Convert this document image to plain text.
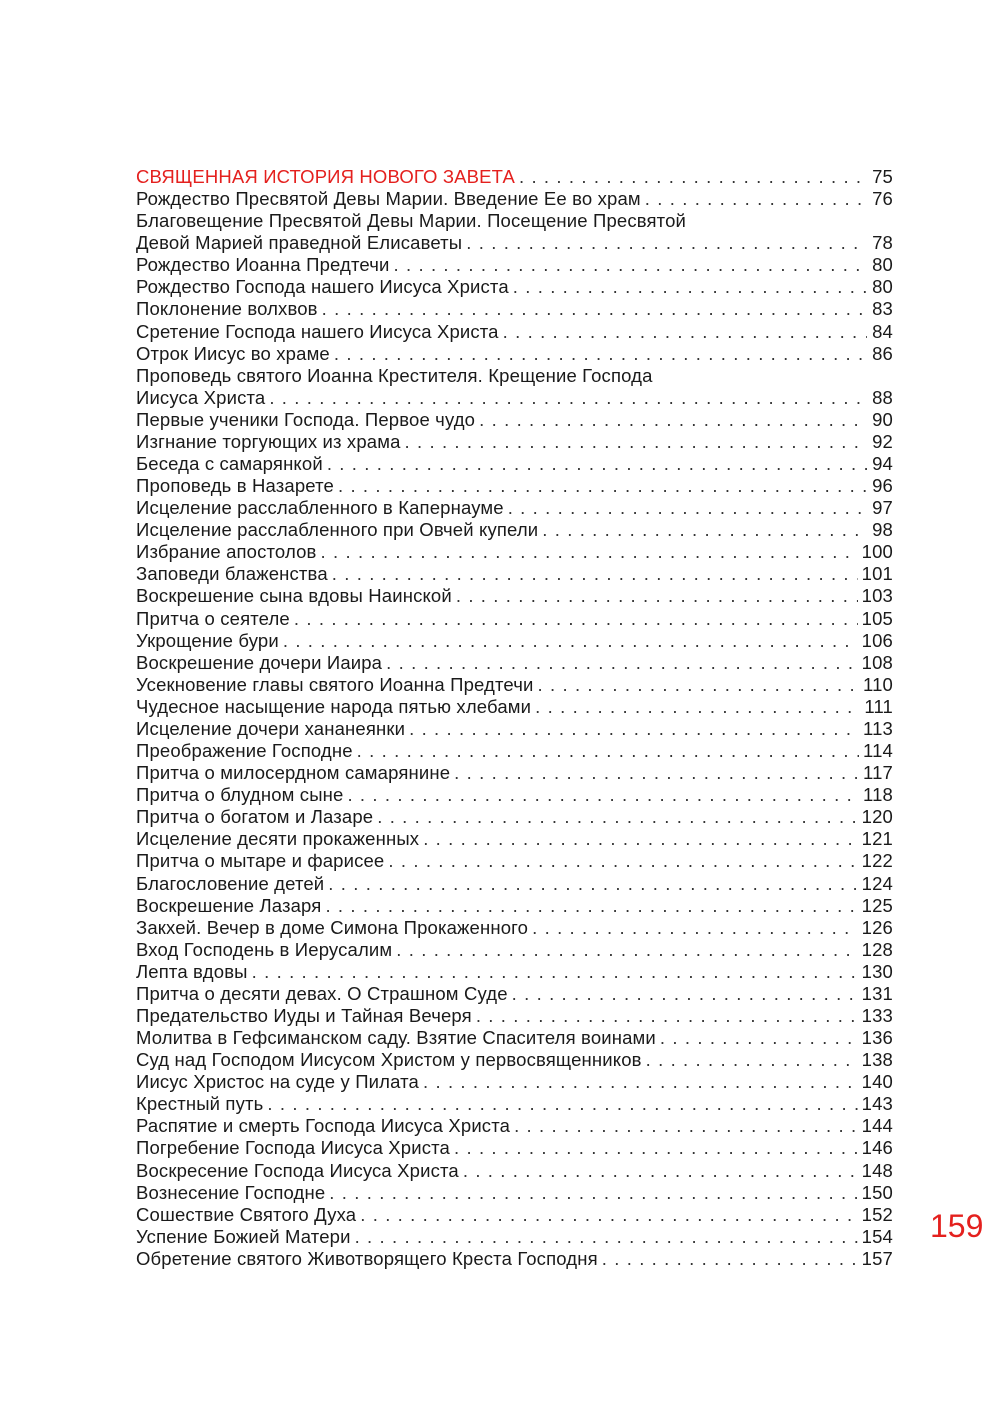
СВЯЩЕННАЯ ИСТОРИЯ НОВОГО ЗАВЕТА . . .	75
Рождество Пресвятой Девы Марии. Введение Ее во храм . . .	76
Благовещение Пресвятой Девы Марии. Посещение Пресвятой
Девой Марией праведной Елисаветы . . .	78
Рождество Иоанна Предтечи . . .	80
Рождество Господа нашего Иисуса Христа . . .	80
Поклонение волхвов . . .	83
Сретение Господа нашего Иисуса Христа . . .	84
Отрок Иисус во храме . . .	86
Проповедь святого Иоанна Крестителя. Крещение Господа
Иисуса Христа . . .	88
Первые ученики Господа. Первое чудо . . .	90
Изгнание торгующих из храма . . .	92
Беседа с самарянкой . . .	94
Проповедь в Назарете . . .	96
Исцеление расслабленного в Капернауме . . .	97
Исцеление расслабленного при Овчей купели . . .	98
Избрание апостолов . . .	100
Заповеди блаженства . . .	101
Воскрешение сына вдовы Наинской . . .	103
Притча о сеятеле . . .	105
Укрощение бури . . .	106
Воскрешение дочери Иаира . . .	108
Усекновение главы святого Иоанна Предтечи . . .	110
Чудесное насыщение народа пятью хлебами . . .	111
Исцеление дочери хананеянки . . .	113
Преображение Господне . . .	114
Притча о милосердном самарянине . . .	117
Притча о блудном сыне . . .	118
Притча о богатом и Лазаре . . .	120
Исцеление десяти прокаженных . . .	121
Притча о мытаре и фарисее . . .	122
Благословение детей . . .	124
Воскрешение Лазаря . . .	125
Закхей. Вечер в доме Симона Прокаженного . . .	126
Вход Господень в Иерусалим . . .	128
Лепта вдовы . . .	130
Притча о десяти девах. О Страшном Суде . . .	131
Предательство Иуды и Тайная Вечеря . . .	133
Молитва в Гефсиманском саду. Взятие Спасителя воинами . . .	136
Суд над Господом Иисусом Христом у первосвященников . . .	138
Иисус Христос на суде у Пилата . . .	140
Крестный путь . . .	143
Распятие и смерть Господа Иисуса Христа . . .	144
Погребение Господа Иисуса Христа . . .	146
Воскресение Господа Иисуса Христа . . .	148
Вознесение Господне . . .	150
Сошествие Святого Духа . . .	152
Успение Божией Матери . . .	154
Обретение святого Животворящего Креста Господня . . .	157
159
